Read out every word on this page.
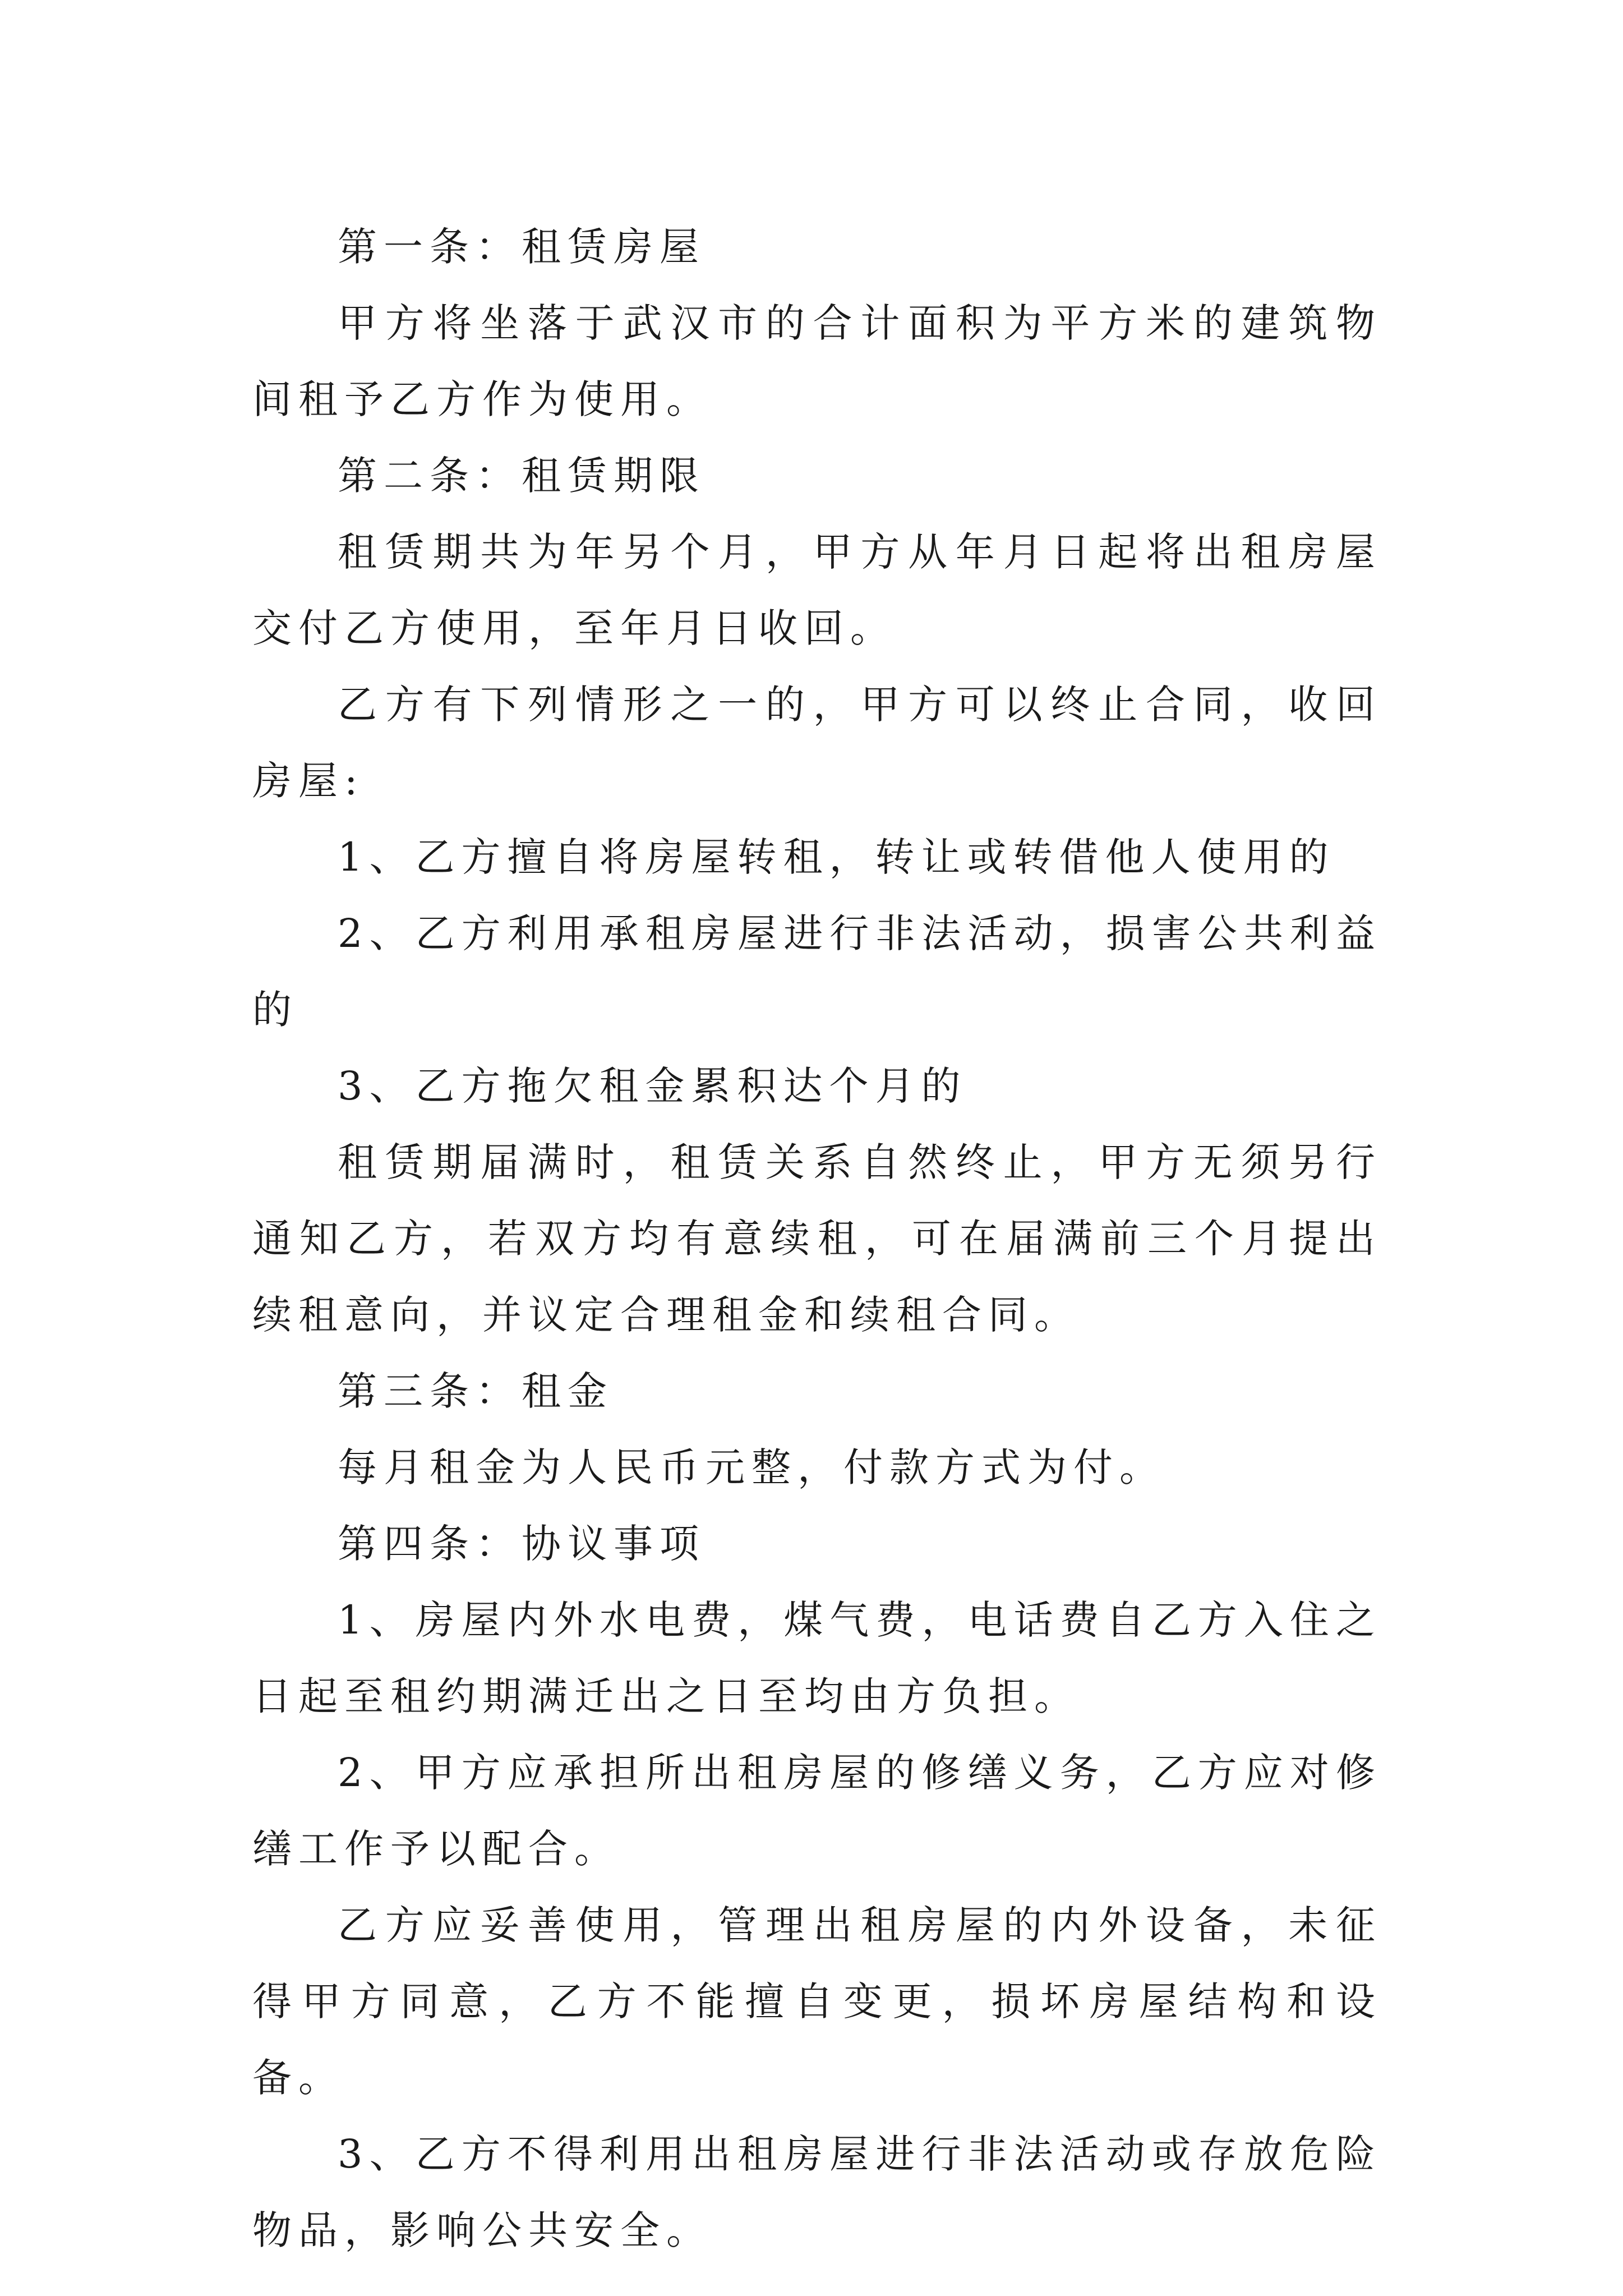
第一条：租赁房屋

甲方将坐落于武汉市的合计面积为平方米的建筑物间租予乙方作为使用。

第二条：租赁期限

租赁期共为年另个月，甲方从年月日起将出租房屋交付乙方使用，至年月日收回。

乙方有下列情形之一的，甲方可以终止合同，收回房屋:

1、乙方擅自将房屋转租，转让或转借他人使用的

2、乙方利用承租房屋进行非法活动，损害公共利益的

3、乙方拖欠租金累积达个月的

租赁期届满时，租赁关系自然终止，甲方无须另行通知乙方，若双方均有意续租，可在届满前三个月提出续租意向，并议定合理租金和续租合同。

第三条：租金

每月租金为人民币元整，付款方式为付。

第四条：协议事项

1、房屋内外水电费，煤气费，电话费自乙方入住之日起至租约期满迁出之日至均由方负担。

2、甲方应承担所出租房屋的修缮义务，乙方应对修缮工作予以配合。

乙方应妥善使用，管理出租房屋的内外设备，未征得甲方同意，乙方不能擅自变更，损坏房屋结构和设备。

3、乙方不得利用出租房屋进行非法活动或存放危险物品，影响公共安全。
